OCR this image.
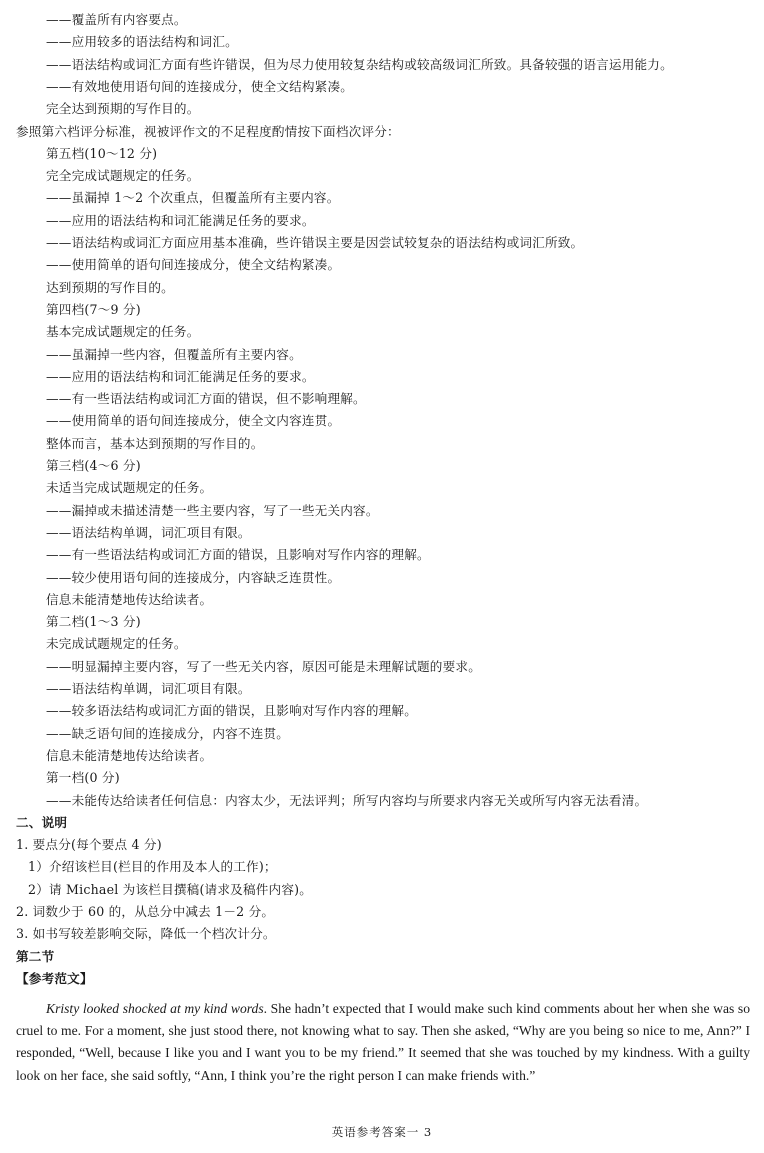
——覆盖所有内容要点。
——应用较多的语法结构和词汇。
——语法结构或词汇方面有些许错误，但为尽力使用较复杂结构或较高级词汇所致。具备较强的语言运用能力。
——有效地使用语句间的连接成分，使全文结构紧凑。
完全达到预期的写作目的。
参照第六档评分标准，视被评作文的不足程度酌情按下面档次评分：
第五档(10～12 分)
完全完成试题规定的任务。
——虽漏掉 1～2 个次重点，但覆盖所有主要内容。
——应用的语法结构和词汇能满足任务的要求。
——语法结构或词汇方面应用基本准确，些许错误主要是因尝试较复杂的语法结构或词汇所致。
——使用简单的语句间连接成分，使全文结构紧凑。
达到预期的写作目的。
第四档(7～9 分)
基本完成试题规定的任务。
——虽漏掉一些内容，但覆盖所有主要内容。
——应用的语法结构和词汇能满足任务的要求。
——有一些语法结构或词汇方面的错误，但不影响理解。
——使用简单的语句间连接成分，使全文内容连贯。
整体而言，基本达到预期的写作目的。
第三档(4～6 分)
未适当完成试题规定的任务。
——漏掉或未描述清楚一些主要内容，写了一些无关内容。
——语法结构单调，词汇项目有限。
——有一些语法结构或词汇方面的错误，且影响对写作内容的理解。
——较少使用语句间的连接成分，内容缺乏连贯性。
信息未能清楚地传达给读者。
第二档(1～3 分)
未完成试题规定的任务。
——明显漏掉主要内容，写了一些无关内容，原因可能是未理解试题的要求。
——语法结构单调，词汇项目有限。
——较多语法结构或词汇方面的错误，且影响对写作内容的理解。
——缺乏语句间的连接成分，内容不连贯。
信息未能清楚地传达给读者。
第一档(0 分)
——未能传达给读者任何信息：内容太少，无法评判；所写内容均与所要求内容无关或所写内容无法看清。
二、说明
1. 要点分(每个要点 4 分)
1）介绍该栏目(栏目的作用及本人的工作)；
2）请 Michael 为该栏目撰稿(请求及稿件内容)。
2. 词数少于 60 的，从总分中减去 1－2 分。
3. 如书写较差影响交际，降低一个档次计分。
第二节
【参考范文】
Kristy looked shocked at my kind words. She hadn’t expected that I would make such kind comments about her when she was so cruel to me. For a moment, she just stood there, not knowing what to say. Then she asked, “Why are you being so nice to me, Ann?” I responded, “Well, because I like you and I want you to be my friend.” It seemed that she was touched by my kindness. With a guilty look on her face, she said softly, “Ann, I think you’re the right person I can make friends with.”
英语参考答案一 3
